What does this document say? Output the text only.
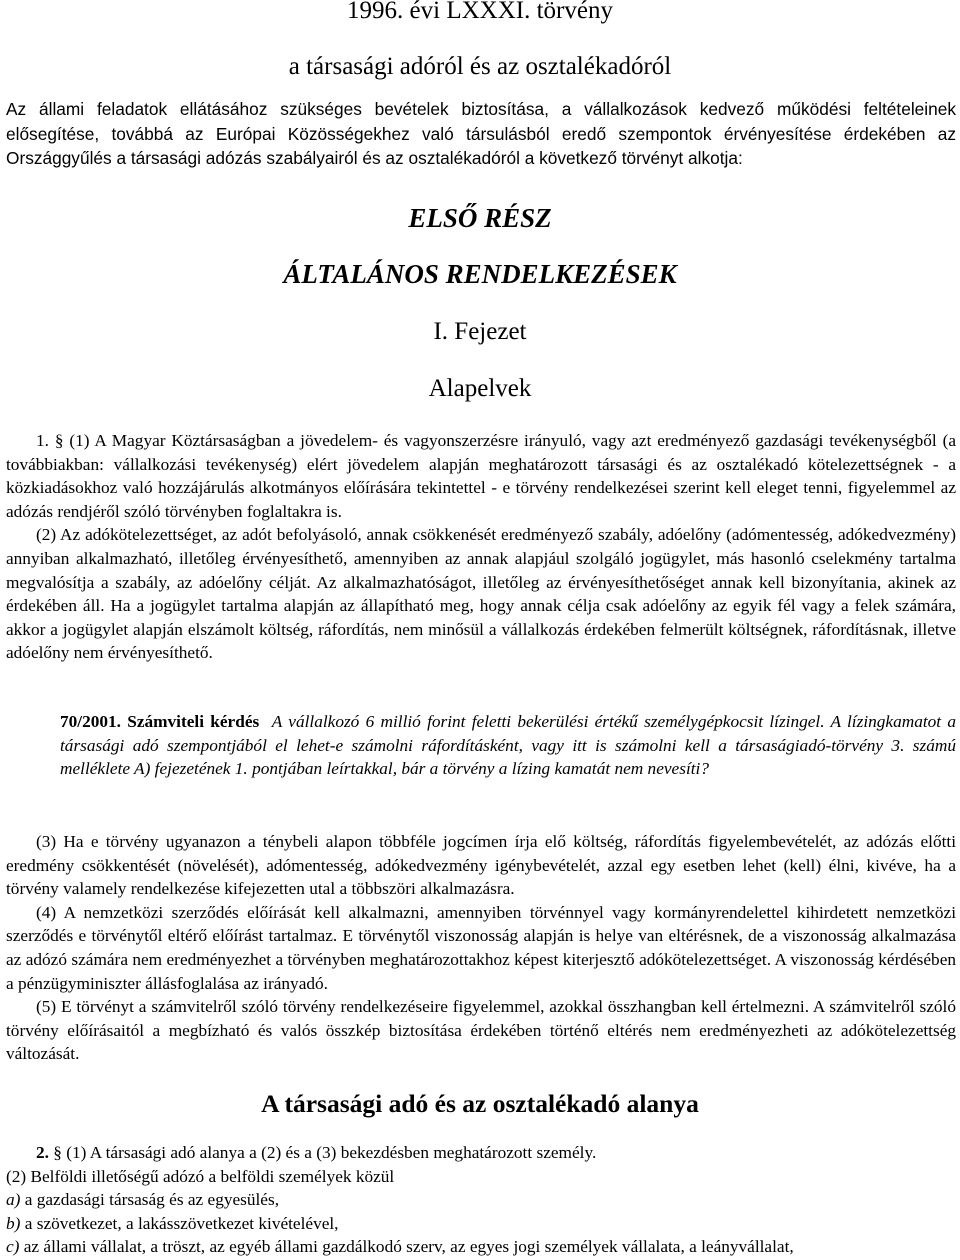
1996. évi LXXXI. törvény
a társasági adóról és az osztalékadóról

Az állami feladatok ellátásához szükséges bevételek biztosítása, a vállalkozások kedvező működési feltételeinek elősegítése, továbbá az Európai Közösségekhez való társulásból eredő szempontok érvényesítése érdekében az Országgyűlés a társasági adózás szabályairól és az osztalékadóról a következő törvényt alkotja:

ELSŐ RÉSZ
ÁLTALÁNOS RENDELKEZÉSEK
I. Fejezet
Alapelvek

1. § (1) A Magyar Köztársaságban a jövedelem- és vagyonszerzésre irányuló, vagy azt eredményező gazdasági tevékenységből (a továbbiakban: vállalkozási tevékenység) elért jövedelem alapján meghatározott társasági és az osztalékadó kötelezettségnek - a közkiadásokhoz való hozzájárulás alkotmányos előírására tekintettel - e törvény rendelkezései szerint kell eleget tenni, figyelemmel az adózás rendjéről szóló törvényben foglaltakra is.

(2) Az adókötelezettséget, az adót befolyásoló, annak csökkenését eredményező szabály, adóelőny (adómentesség, adókedvezmény) annyiban alkalmazható, illetőleg érvényesíthető, amennyiben az annak alapjául szolgáló jogügylet, más hasonló cselekmény tartalma megvalósítja a szabály, az adóelőny célját. Az alkalmazhatóságot, illetőleg az érvényesíthetőséget annak kell bizonyítania, akinek az érdekében áll. Ha a jogügylet tartalma alapján az állapítható meg, hogy annak célja csak adóelőny az egyik fél vagy a felek számára, akkor a jogügylet alapján elszámolt költség, ráfordítás, nem minősül a vállalkozás érdekében felmerült költségnek, ráfordításnak, illetve adóelőny nem érvényesíthető.

70/2001. Számviteli kérdés A vállalkozó 6 millió forint feletti bekerülési értékű személygépkocsit lízingel. A lízingkamatot a társasági adó szempontjából el lehet-e számolni ráfordításként, vagy itt is számolni kell a társaságiadó-törvény 3. számú melléklete A) fejezetének 1. pontjában leírtakkal, bár a törvény a lízing kamatát nem nevesíti?

(3) Ha e törvény ugyanazon a ténybeli alapon többféle jogcímen írja elő költség, ráfordítás figyelembevételét, az adózás előtti eredmény csökkentését (növelését), adómentesség, adókedvezmény igénybevételét, azzal egy esetben lehet (kell) élni, kivéve, ha a törvény valamely rendelkezése kifejezetten utal a többszöri alkalmazásra.

(4) A nemzetközi szerződés előírását kell alkalmazni, amennyiben törvénnyel vagy kormányrendelettel kihirdetett nemzetközi szerződés e törvénytől eltérő előírást tartalmaz. E törvénytől viszonosság alapján is helye van eltérésnek, de a viszonosság alkalmazása az adózó számára nem eredményezhet a törvényben meghatározottakhoz képest kiterjesztő adókötelezettséget. A viszonosság kérdésében a pénzügyminiszter állásfoglalása az irányadó.

(5) E törvényt a számvitelről szóló törvény rendelkezéseire figyelemmel, azokkal összhangban kell értelmezni. A számvitelről szóló törvény előírásaitól a megbízható és valós összkép biztosítása érdekében történő eltérés nem eredményezheti az adókötelezettség változását.

A társasági adó és az osztalékadó alanya

2. § (1) A társasági adó alanya a (2) és a (3) bekezdésben meghatározott személy.

(2) Belföldi illetőségű adózó a belföldi személyek közül

a) a gazdasági társaság és az egyesülés,

b) a szövetkezet, a lakásszövetkezet kivételével,

c) az állami vállalat, a tröszt, az egyéb állami gazdálkodó szerv, az egyes jogi személyek vállalata, a leányvállalat,
